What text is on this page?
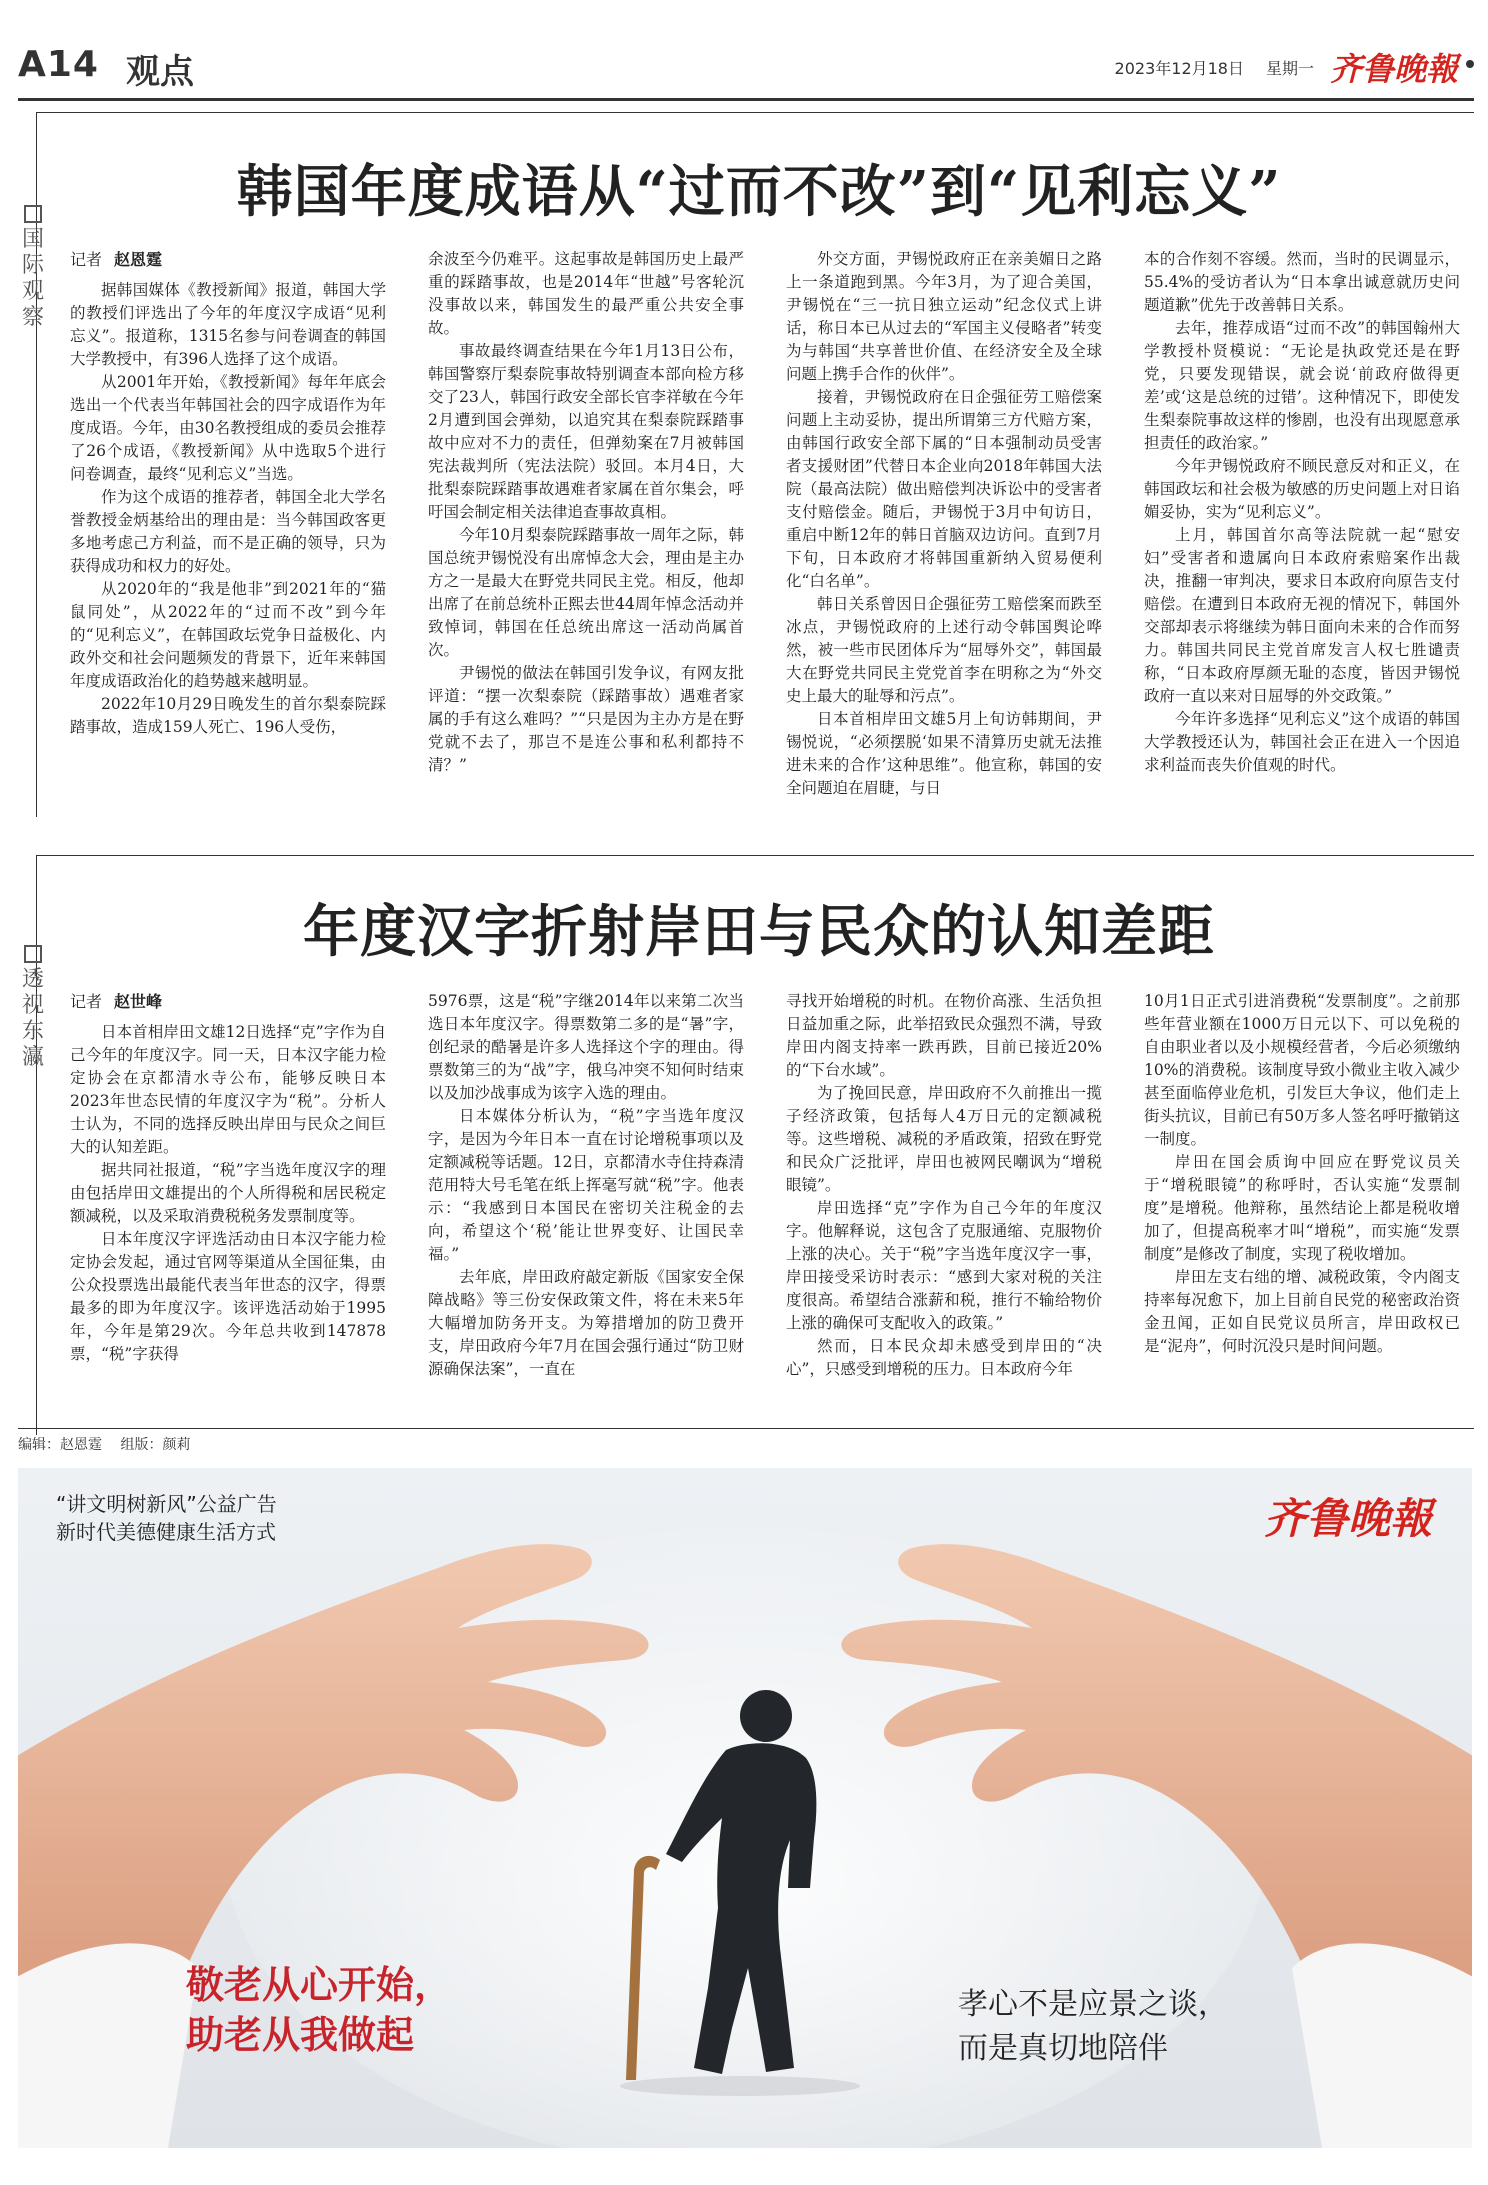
A14 观点	2023年12月18日 星期一 齐鲁晚報
国
际
观
察
韩国年度成语从“过而不改”到“见利忘义”

记者 赵恩霆

据韩国媒体《教授新闻》报道，韩国大学的教授们评选出了今年的年度汉字成语“见利忘义”。报道称，1315名参与问卷调查的韩国大学教授中，有396人选择了这个成语。

从2001年开始，《教授新闻》每年年底会选出一个代表当年韩国社会的四字成语作为年度成语。今年，由30名教授组成的委员会推荐了26个成语，《教授新闻》从中选取5个进行问卷调查，最终“见利忘义”当选。

作为这个成语的推荐者，韩国全北大学名誉教授金炳基给出的理由是：当今韩国政客更多地考虑己方利益，而不是正确的领导，只为获得成功和权力的好处。

从2020年的“我是他非”到2021年的“猫鼠同处”，从2022年的“过而不改”到今年的“见利忘义”，在韩国政坛党争日益极化、内政外交和社会问题频发的背景下，近年来韩国年度成语政治化的趋势越来越明显。

2022年10月29日晚发生的首尔梨泰院踩踏事故，造成159人死亡、196人受伤，

余波至今仍难平。这起事故是韩国历史上最严重的踩踏事故，也是2014年“世越”号客轮沉没事故以来，韩国发生的最严重公共安全事故。

事故最终调查结果在今年1月13日公布，韩国警察厅梨泰院事故特别调查本部向检方移交了23人，韩国行政安全部长官李祥敏在今年2月遭到国会弹劾，以追究其在梨泰院踩踏事故中应对不力的责任，但弹劾案在7月被韩国宪法裁判所（宪法法院）驳回。本月4日，大批梨泰院踩踏事故遇难者家属在首尔集会，呼吁国会制定相关法律追查事故真相。

今年10月梨泰院踩踏事故一周年之际，韩国总统尹锡悦没有出席悼念大会，理由是主办方之一是最大在野党共同民主党。相反，他却出席了在前总统朴正熙去世44周年悼念活动并致悼词，韩国在任总统出席这一活动尚属首次。

尹锡悦的做法在韩国引发争议，有网友批评道：“摆一次梨泰院（踩踏事故）遇难者家属的手有这么难吗？”“只是因为主办方是在野党就不去了，那岂不是连公事和私利都持不清？”

外交方面，尹锡悦政府正在亲美媚日之路上一条道跑到黑。今年3月，为了迎合美国，尹锡悦在“三一抗日独立运动”纪念仪式上讲话，称日本已从过去的“军国主义侵略者”转变为与韩国“共享普世价值、在经济安全及全球问题上携手合作的伙伴”。

接着，尹锡悦政府在日企强征劳工赔偿案问题上主动妥协，提出所谓第三方代赔方案，由韩国行政安全部下属的“日本强制动员受害者支援财团”代替日本企业向2018年韩国大法院（最高法院）做出赔偿判决诉讼中的受害者支付赔偿金。随后，尹锡悦于3月中旬访日，重启中断12年的韩日首脑双边访问。直到7月下旬，日本政府才将韩国重新纳入贸易便利化“白名单”。

韩日关系曾因日企强征劳工赔偿案而跌至冰点，尹锡悦政府的上述行动令韩国舆论哗然，被一些市民团体斥为“屈辱外交”，韩国最大在野党共同民主党党首李在明称之为“外交史上最大的耻辱和污点”。

日本首相岸田文雄5月上旬访韩期间，尹锡悦说，“必须摆脱‘如果不清算历史就无法推进未来的合作’这种思维”。他宣称，韩国的安全问题迫在眉睫，与日

本的合作刻不容缓。然而，当时的民调显示，55.4%的受访者认为“日本拿出诚意就历史问题道歉”优先于改善韩日关系。

去年，推荐成语“过而不改”的韩国翰州大学教授朴贤模说：“无论是执政党还是在野党，只要发现错误，就会说‘前政府做得更差’或‘这是总统的过错’。这种情况下，即使发生梨泰院事故这样的惨剧，也没有出现愿意承担责任的政治家。”

今年尹锡悦政府不顾民意反对和正义，在韩国政坛和社会极为敏感的历史问题上对日谄媚妥协，实为“见利忘义”。

上月，韩国首尔高等法院就一起“慰安妇”受害者和遗属向日本政府索赔案作出裁决，推翻一审判决，要求日本政府向原告支付赔偿。在遭到日本政府无视的情况下，韩国外交部却表示将继续为韩日面向未来的合作而努力。韩国共同民主党首席发言人权七胜谴责称，“日本政府厚颜无耻的态度，皆因尹锡悦政府一直以来对日屈辱的外交政策。”

今年许多选择“见利忘义”这个成语的韩国大学教授还认为，韩国社会正在进入一个因追求利益而丧失价值观的时代。

透
视
东
瀛
年度汉字折射岸田与民众的认知差距

记者 赵世峰

日本首相岸田文雄12日选择“克”字作为自己今年的年度汉字。同一天，日本汉字能力检定协会在京都清水寺公布，能够反映日本2023年世态民情的年度汉字为“税”。分析人士认为，不同的选择反映出岸田与民众之间巨大的认知差距。

据共同社报道，“税”字当选年度汉字的理由包括岸田文雄提出的个人所得税和居民税定额减税，以及采取消费税税务发票制度等。

日本年度汉字评选活动由日本汉字能力检定协会发起，通过官网等渠道从全国征集，由公众投票选出最能代表当年世态的汉字，得票最多的即为年度汉字。该评选活动始于1995年，今年是第29次。今年总共收到147878票，“税”字获得

5976票，这是“税”字继2014年以来第二次当选日本年度汉字。得票数第二多的是“暑”字，创纪录的酷暑是许多人选择这个字的理由。得票数第三的为“战”字，俄乌冲突不知何时结束以及加沙战事成为该字入选的理由。

日本媒体分析认为，“税”字当选年度汉字，是因为今年日本一直在讨论增税事项以及定额减税等话题。12日，京都清水寺住持森清范用特大号毛笔在纸上挥毫写就“税”字。他表示：“我感到日本国民在密切关注税金的去向，希望这个‘税’能让世界变好、让国民幸福。”

去年底，岸田政府敲定新版《国家安全保障战略》等三份安保政策文件，将在未来5年大幅增加防务开支。为筹措增加的防卫费开支，岸田政府今年7月在国会强行通过“防卫财源确保法案”，一直在

寻找开始增税的时机。在物价高涨、生活负担日益加重之际，此举招致民众强烈不满，导致岸田内阁支持率一跌再跌，目前已接近20%的“下台水域”。

为了挽回民意，岸田政府不久前推出一揽子经济政策，包括每人4万日元的定额减税等。这些增税、减税的矛盾政策，招致在野党和民众广泛批评，岸田也被网民嘲讽为“增税眼镜”。

岸田选择“克”字作为自己今年的年度汉字。他解释说，这包含了克服通缩、克服物价上涨的决心。关于“税”字当选年度汉字一事，岸田接受采访时表示：“感到大家对税的关注度很高。希望结合涨薪和税，推行不输给物价上涨的确保可支配收入的政策。”

然而，日本民众却未感受到岸田的“决心”，只感受到增税的压力。日本政府今年

10月1日正式引进消费税“发票制度”。之前那些年营业额在1000万日元以下、可以免税的自由职业者以及小规模经营者，今后必须缴纳10%的消费税。该制度导致小微业主收入减少甚至面临停业危机，引发巨大争议，他们走上街头抗议，目前已有50万多人签名呼吁撤销这一制度。

岸田在国会质询中回应在野党议员关于“增税眼镜”的称呼时，否认实施“发票制度”是增税。他辩称，虽然结论上都是税收增加了，但提高税率才叫“增税”，而实施“发票制度”是修改了制度，实现了税收增加。

岸田左支右绌的增、减税政策，令内阁支持率每况愈下，加上目前自民党的秘密政治资金丑闻，正如自民党议员所言，岸田政权已是“泥舟”，何时沉没只是时间问题。

编辑：赵恩霆 组版：颜莉
“讲文明树新风”公益广告
新时代美德健康生活方式	齐鲁晚報
敬老从心开始，
助老从我做起
孝心不是应景之谈，
而是真切地陪伴
